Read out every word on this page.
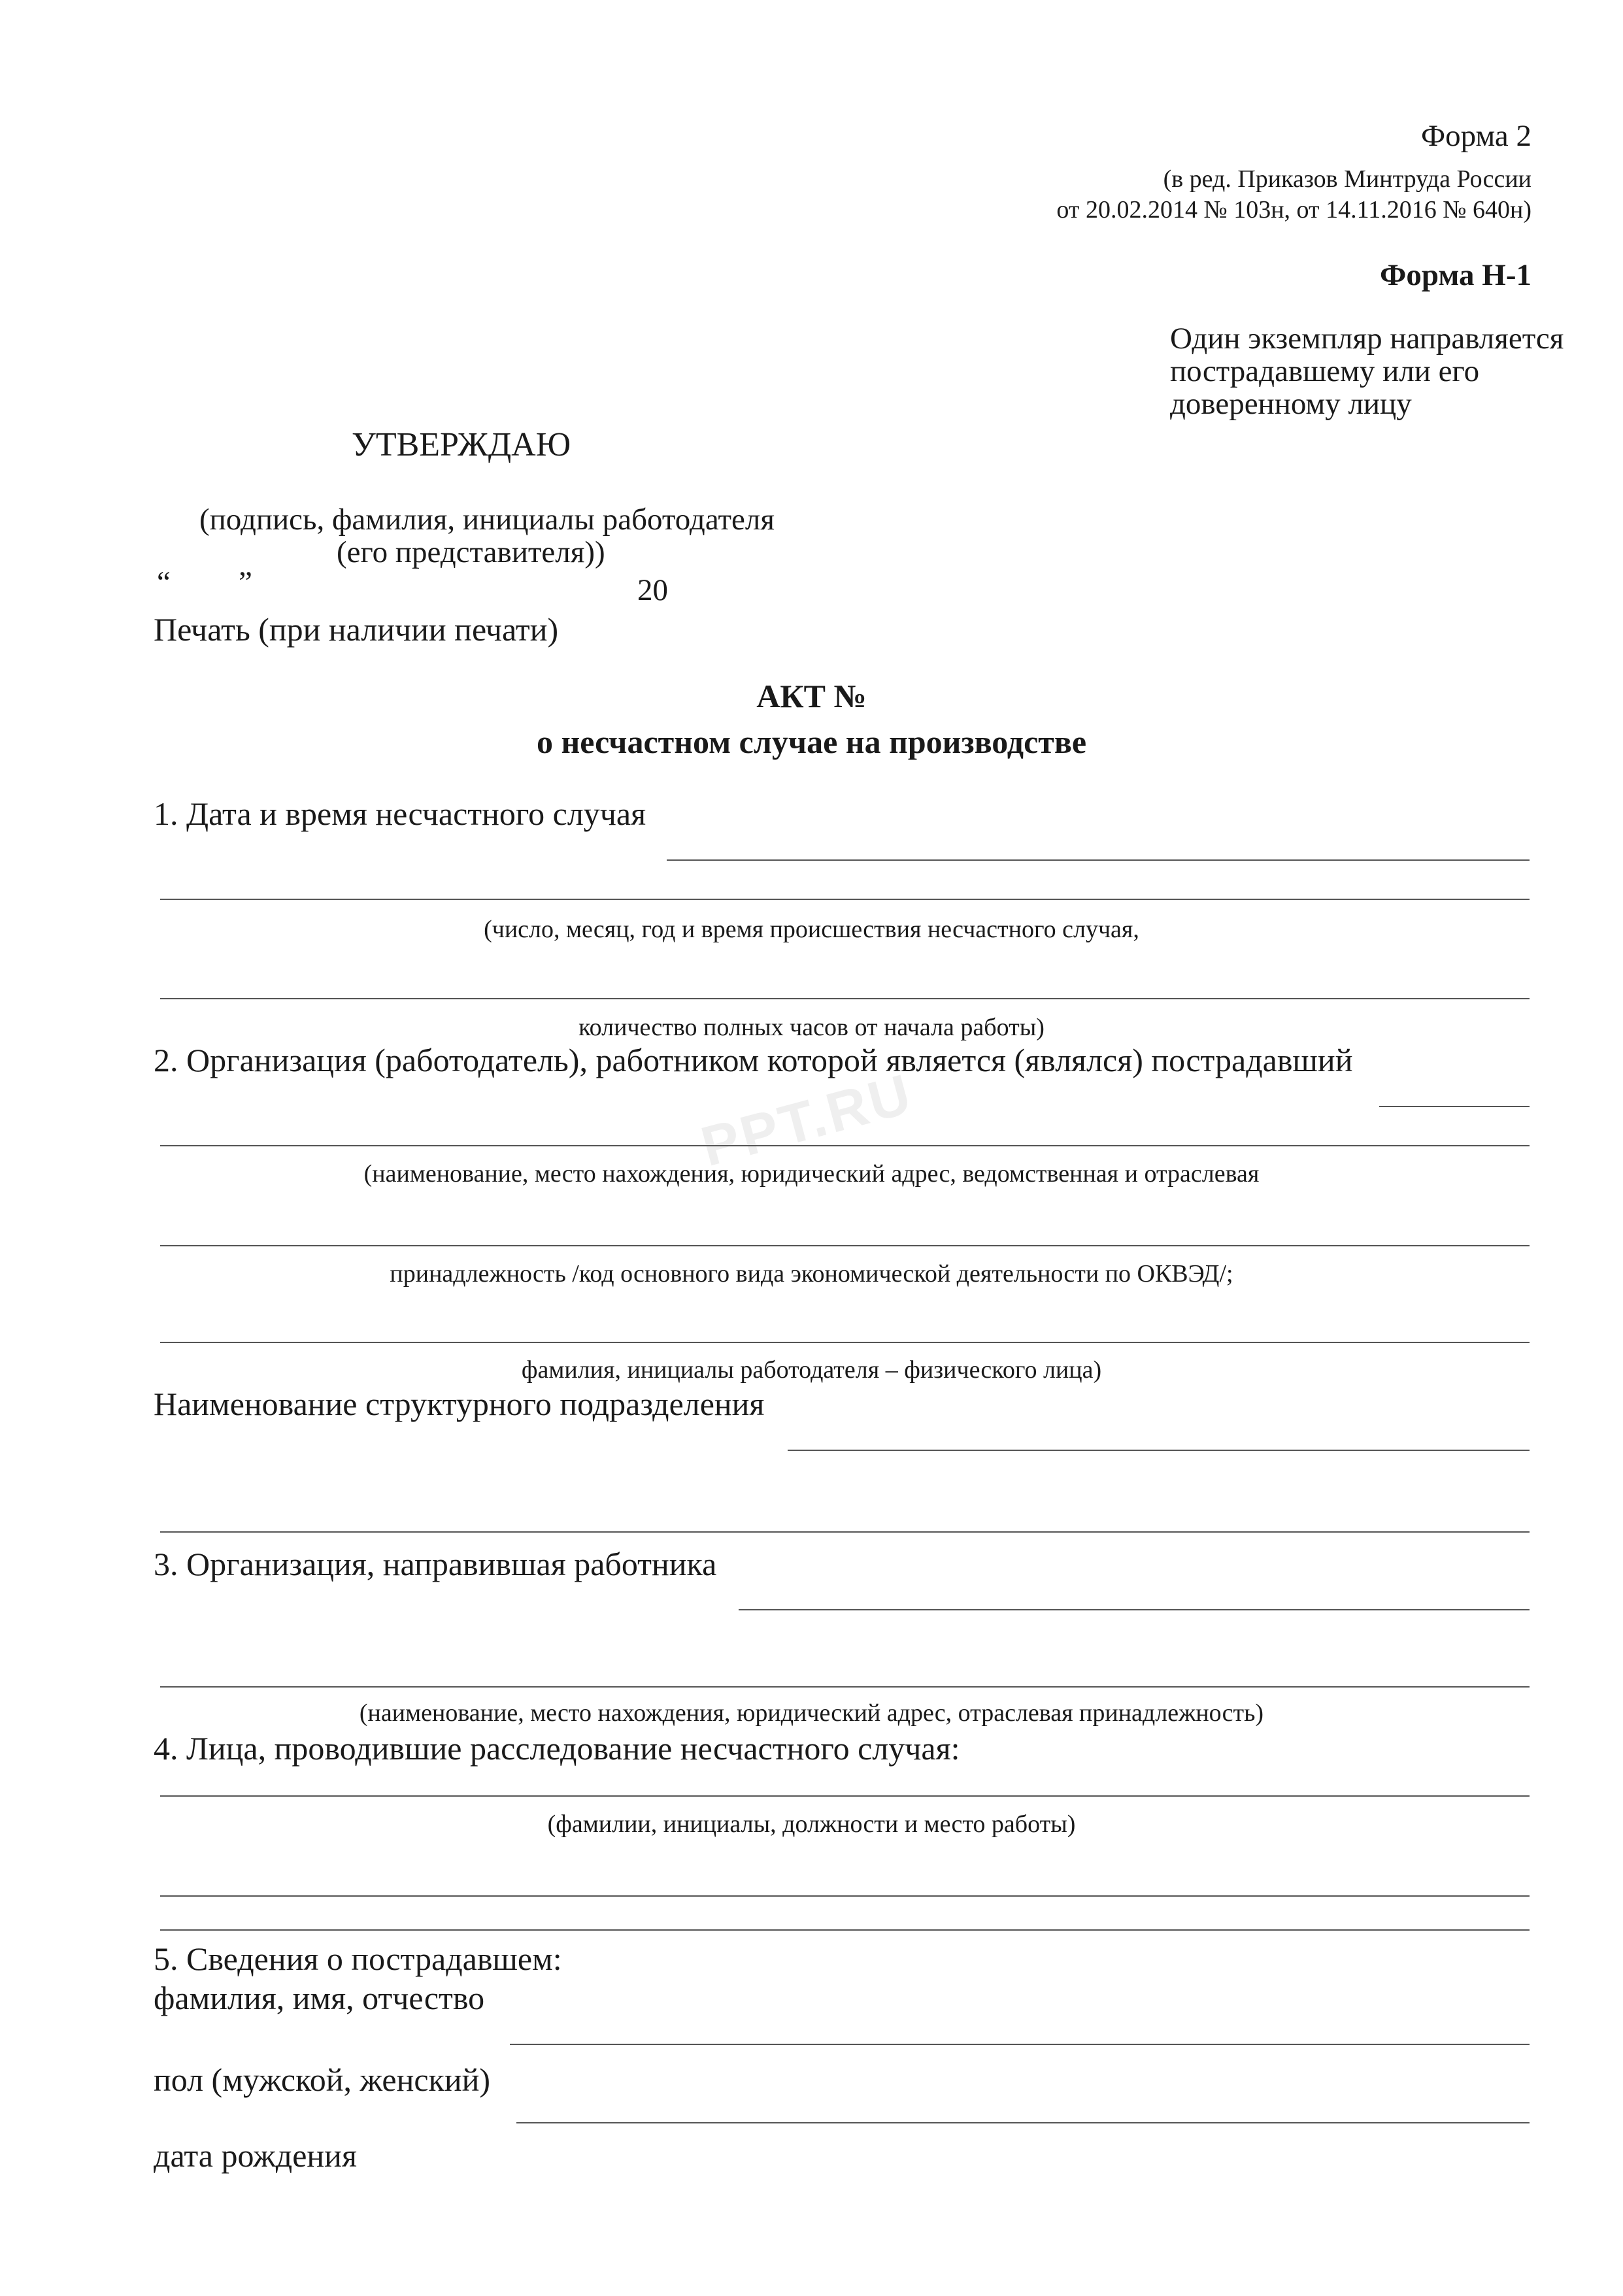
PPT.RU
Форма 2
(в ред. Приказов Минтруда России
от 20.02.2014 № 103н, от 14.11.2016 № 640н)
Форма Н-1
Один экземпляр направляется
пострадавшему или его
доверенному лицу
УТВЕРЖДАЮ
(подпись, фамилия, инициалы работодателя
(его представителя))
“ ”	20
Печать (при наличии печати)
АКТ №
о несчастном случае на производстве
1. Дата и время несчастного случая
(число, месяц, год и время происшествия несчастного случая,
количество полных часов от начала работы)
2. Организация (работодатель), работником которой является (являлся) пострадавший
(наименование, место нахождения, юридический адрес, ведомственная и отраслевая
принадлежность /код основного вида экономической деятельности по ОКВЭД/;
фамилия, инициалы работодателя – физического лица)
Наименование структурного подразделения
3. Организация, направившая работника
(наименование, место нахождения, юридический адрес, отраслевая принадлежность)
4. Лица, проводившие расследование несчастного случая:
(фамилии, инициалы, должности и место работы)
5. Сведения о пострадавшем:
фамилия, имя, отчество
пол (мужской, женский)
дата рождения
